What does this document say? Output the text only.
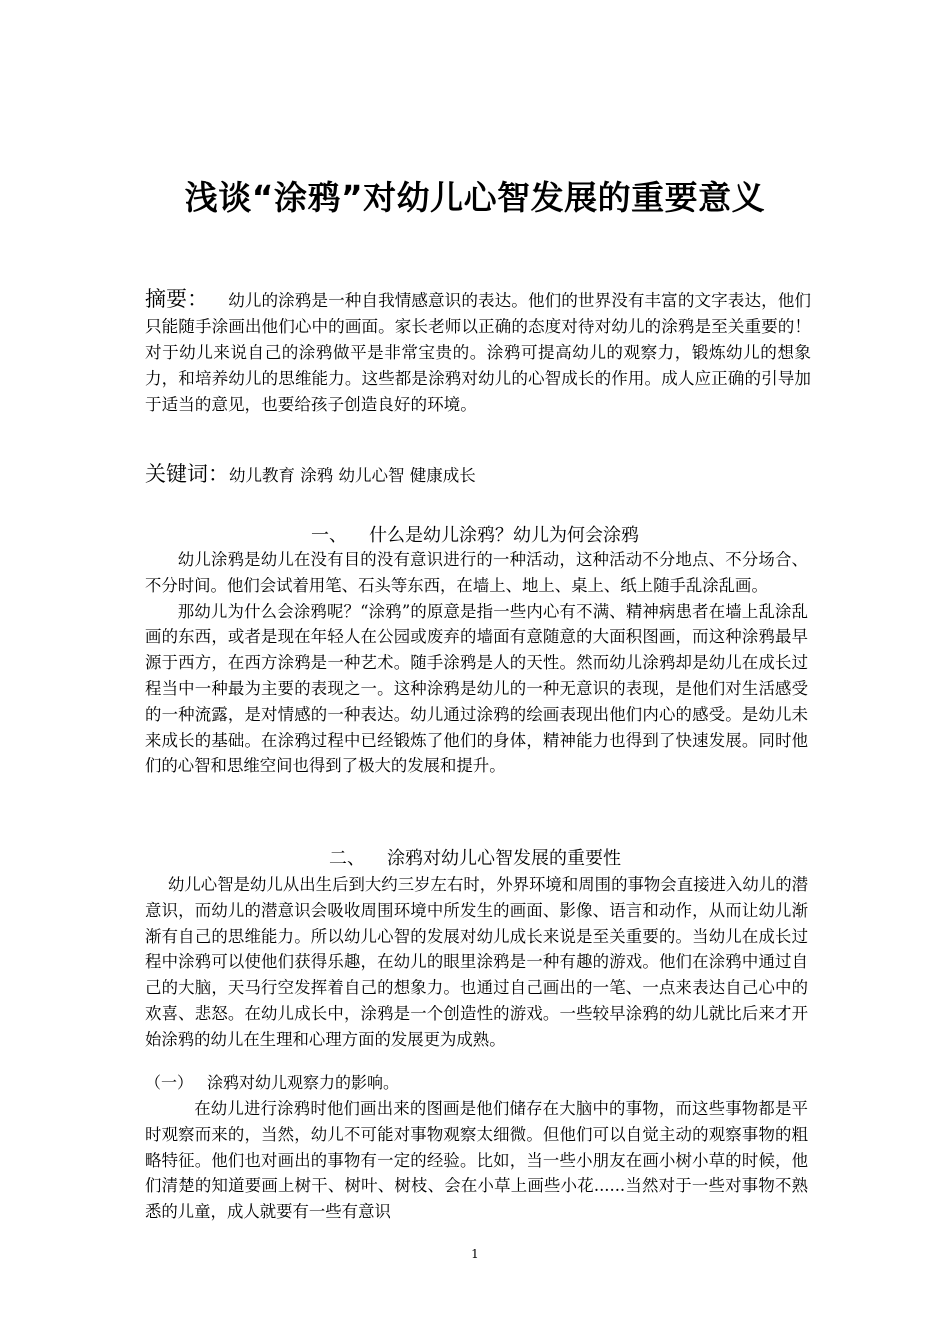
浅谈“涂鸦”对幼儿心智发展的重要意义
摘要： 幼儿的涂鸦是一种自我情感意识的表达。他们的世界没有丰富的文字表达，他们只能随手涂画出他们心中的画面。家长老师以正确的态度对待对幼儿的涂鸦是至关重要的！对于幼儿来说自己的涂鸦做平是非常宝贵的。涂鸦可提高幼儿的观察力，锻炼幼儿的想象力，和培养幼儿的思维能力。这些都是涂鸦对幼儿的心智成长的作用。成人应正确的引导加于适当的意见，也要给孩子创造良好的环境。
关键词：幼儿教育 涂鸦 幼儿心智 健康成长
一、 什么是幼儿涂鸦？幼儿为何会涂鸦

幼儿涂鸦是幼儿在没有目的没有意识进行的一种活动，这种活动不分地点、不分场合、不分时间。他们会试着用笔、石头等东西，在墙上、地上、桌上、纸上随手乱涂乱画。

那幼儿为什么会涂鸦呢？“涂鸦”的原意是指一些内心有不满、精神病患者在墙上乱涂乱画的东西，或者是现在年轻人在公园或废弃的墙面有意随意的大面积图画，而这种涂鸦最早源于西方，在西方涂鸦是一种艺术。随手涂鸦是人的天性。然而幼儿涂鸦却是幼儿在成长过程当中一种最为主要的表现之一。这种涂鸦是幼儿的一种无意识的表现，是他们对生活感受的一种流露，是对情感的一种表达。幼儿通过涂鸦的绘画表现出他们内心的感受。是幼儿未来成长的基础。在涂鸦过程中已经锻炼了他们的身体，精神能力也得到了快速发展。同时他们的心智和思维空间也得到了极大的发展和提升。

二、 涂鸦对幼儿心智发展的重要性

幼儿心智是幼儿从出生后到大约三岁左右时，外界环境和周围的事物会直接进入幼儿的潜意识，而幼儿的潜意识会吸收周围环境中所发生的画面、影像、语言和动作，从而让幼儿渐渐有自己的思维能力。所以幼儿心智的发展对幼儿成长来说是至关重要的。当幼儿在成长过程中涂鸦可以使他们获得乐趣，在幼儿的眼里涂鸦是一种有趣的游戏。他们在涂鸦中通过自己的大脑，天马行空发挥着自己的想象力。也通过自己画出的一笔、一点来表达自己心中的欢喜、悲怒。在幼儿成长中，涂鸦是一个创造性的游戏。一些较早涂鸦的幼儿就比后来才开始涂鸦的幼儿在生理和心理方面的发展更为成熟。

（一） 涂鸦对幼儿观察力的影响。

在幼儿进行涂鸦时他们画出来的图画是他们储存在大脑中的事物，而这些事物都是平时观察而来的，当然，幼儿不可能对事物观察太细微。但他们可以自觉主动的观察事物的粗略特征。他们也对画出的事物有一定的经验。比如，当一些小朋友在画小树小草的时候，他们清楚的知道要画上树干、树叶、树枝、会在小草上画些小花......当然对于一些对事物不熟悉的儿童，成人就要有一些有意识

1
